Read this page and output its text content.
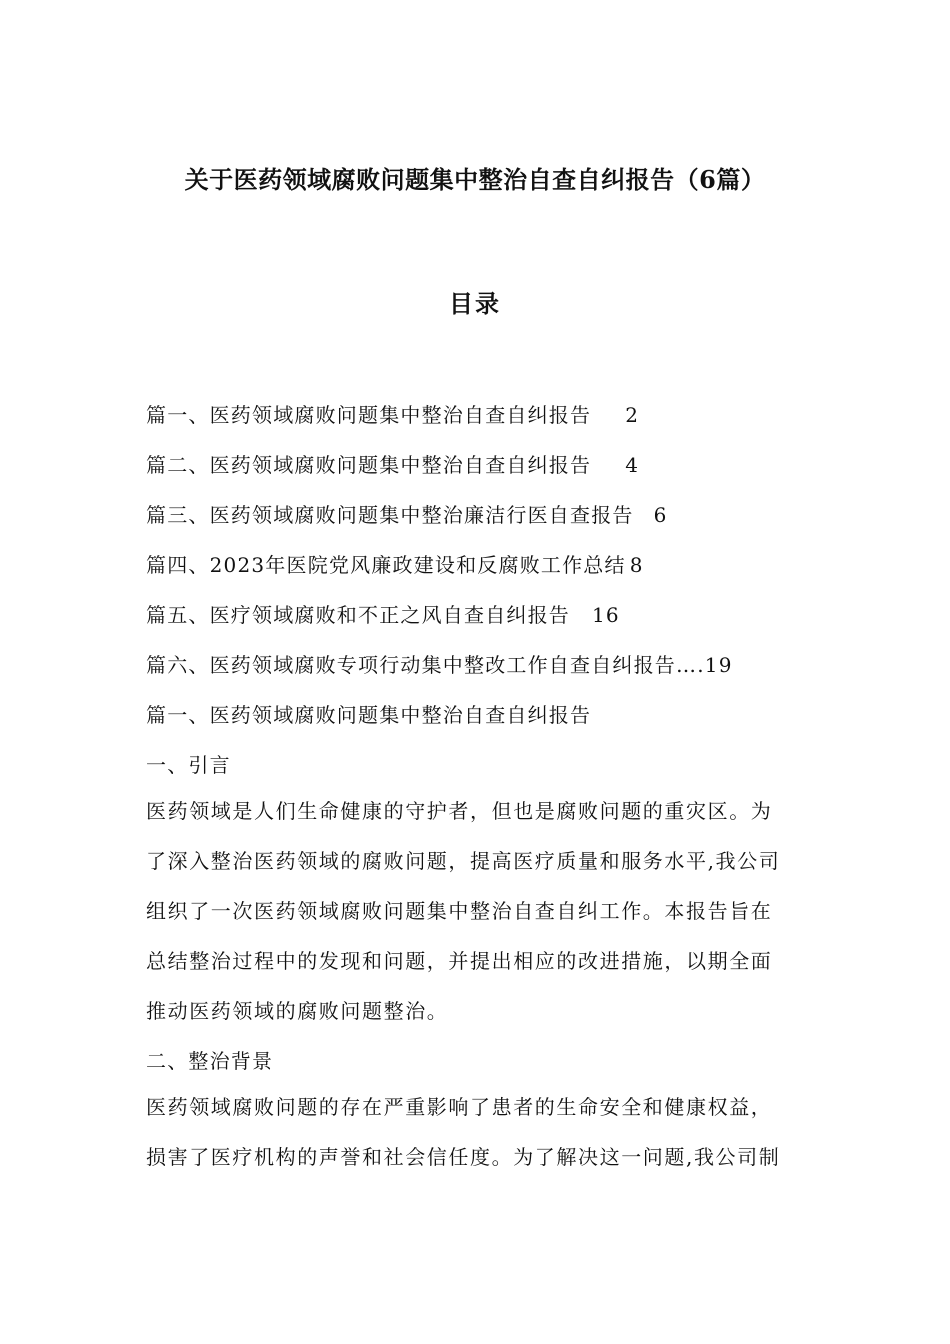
关于医药领域腐败问题集中整治自查自纠报告（6篇）
目录
篇一、医药领域腐败问题集中整治自查自纠报告 2
篇二、医药领域腐败问题集中整治自查自纠报告 4
篇三、医药领域腐败问题集中整治廉洁行医自查报告 6
篇四、2023年医院党风廉政建设和反腐败工作总结 8
篇五、医疗领域腐败和不正之风自查自纠报告 16
篇六、医药领域腐败专项行动集中整改工作自查自纠报告….19
篇一、医药领域腐败问题集中整治自查自纠报告
一、引言
医药领域是人们生命健康的守护者，但也是腐败问题的重灾区。为
了深入整治医药领域的腐败问题，提高医疗质量和服务水平,我公司
组织了一次医药领域腐败问题集中整治自查自纠工作。本报告旨在
总结整治过程中的发现和问题，并提出相应的改进措施，以期全面
推动医药领域的腐败问题整治。
二、整治背景
医药领域腐败问题的存在严重影响了患者的生命安全和健康权益，
损害了医疗机构的声誉和社会信任度。为了解决这一问题,我公司制
